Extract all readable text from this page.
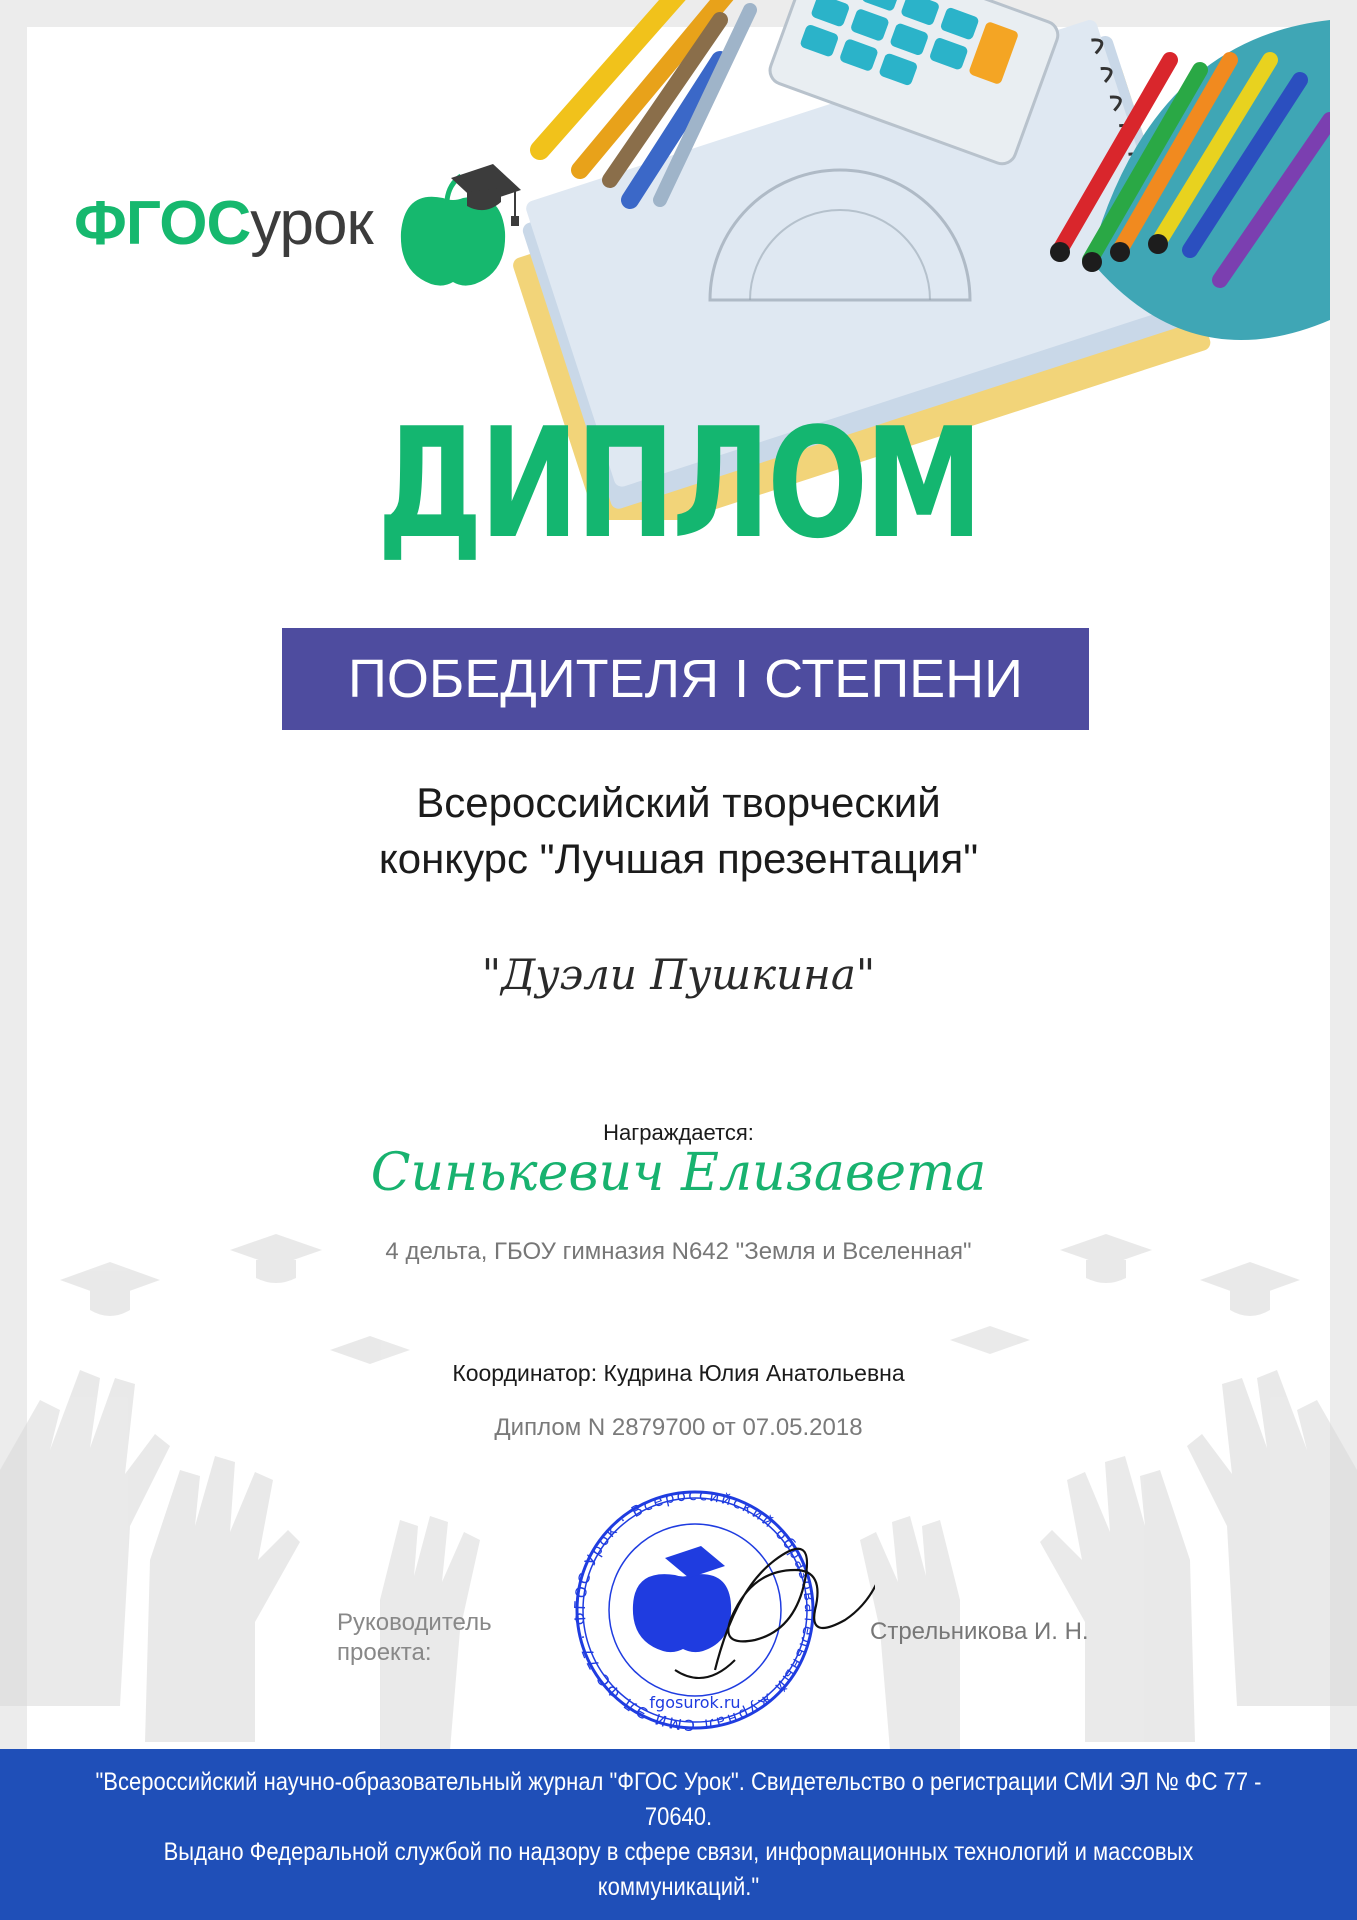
ФГОСурок
ДИПЛОМ
ПОБЕДИТЕЛЯ I СТЕПЕНИ
Всероссийский творческий
конкурс "Лучшая презентация"
"Дуэли Пушкина"
Награждается:
Синькевич Елизавета
4 дельта, ГБОУ гимназия N642 "Земля и Вселенная"
Координатор: Кудрина Юлия Анатольевна
Диплом N 2879700 от 07.05.2018
Руководитель проекта:
Стрельникова И. Н.
СМИ ЭЛ ФС 77 · ФГОС Урок · Всероссийский образовательный журнал
fgosurok.ru
"Всероссийский научно-образовательный журнал "ФГОС Урок". Свидетельство о регистрации СМИ ЭЛ № ФС 77 - 70640.
Выдано Федеральной службой по надзору в сфере связи, информационных технологий и массовых коммуникаций."
